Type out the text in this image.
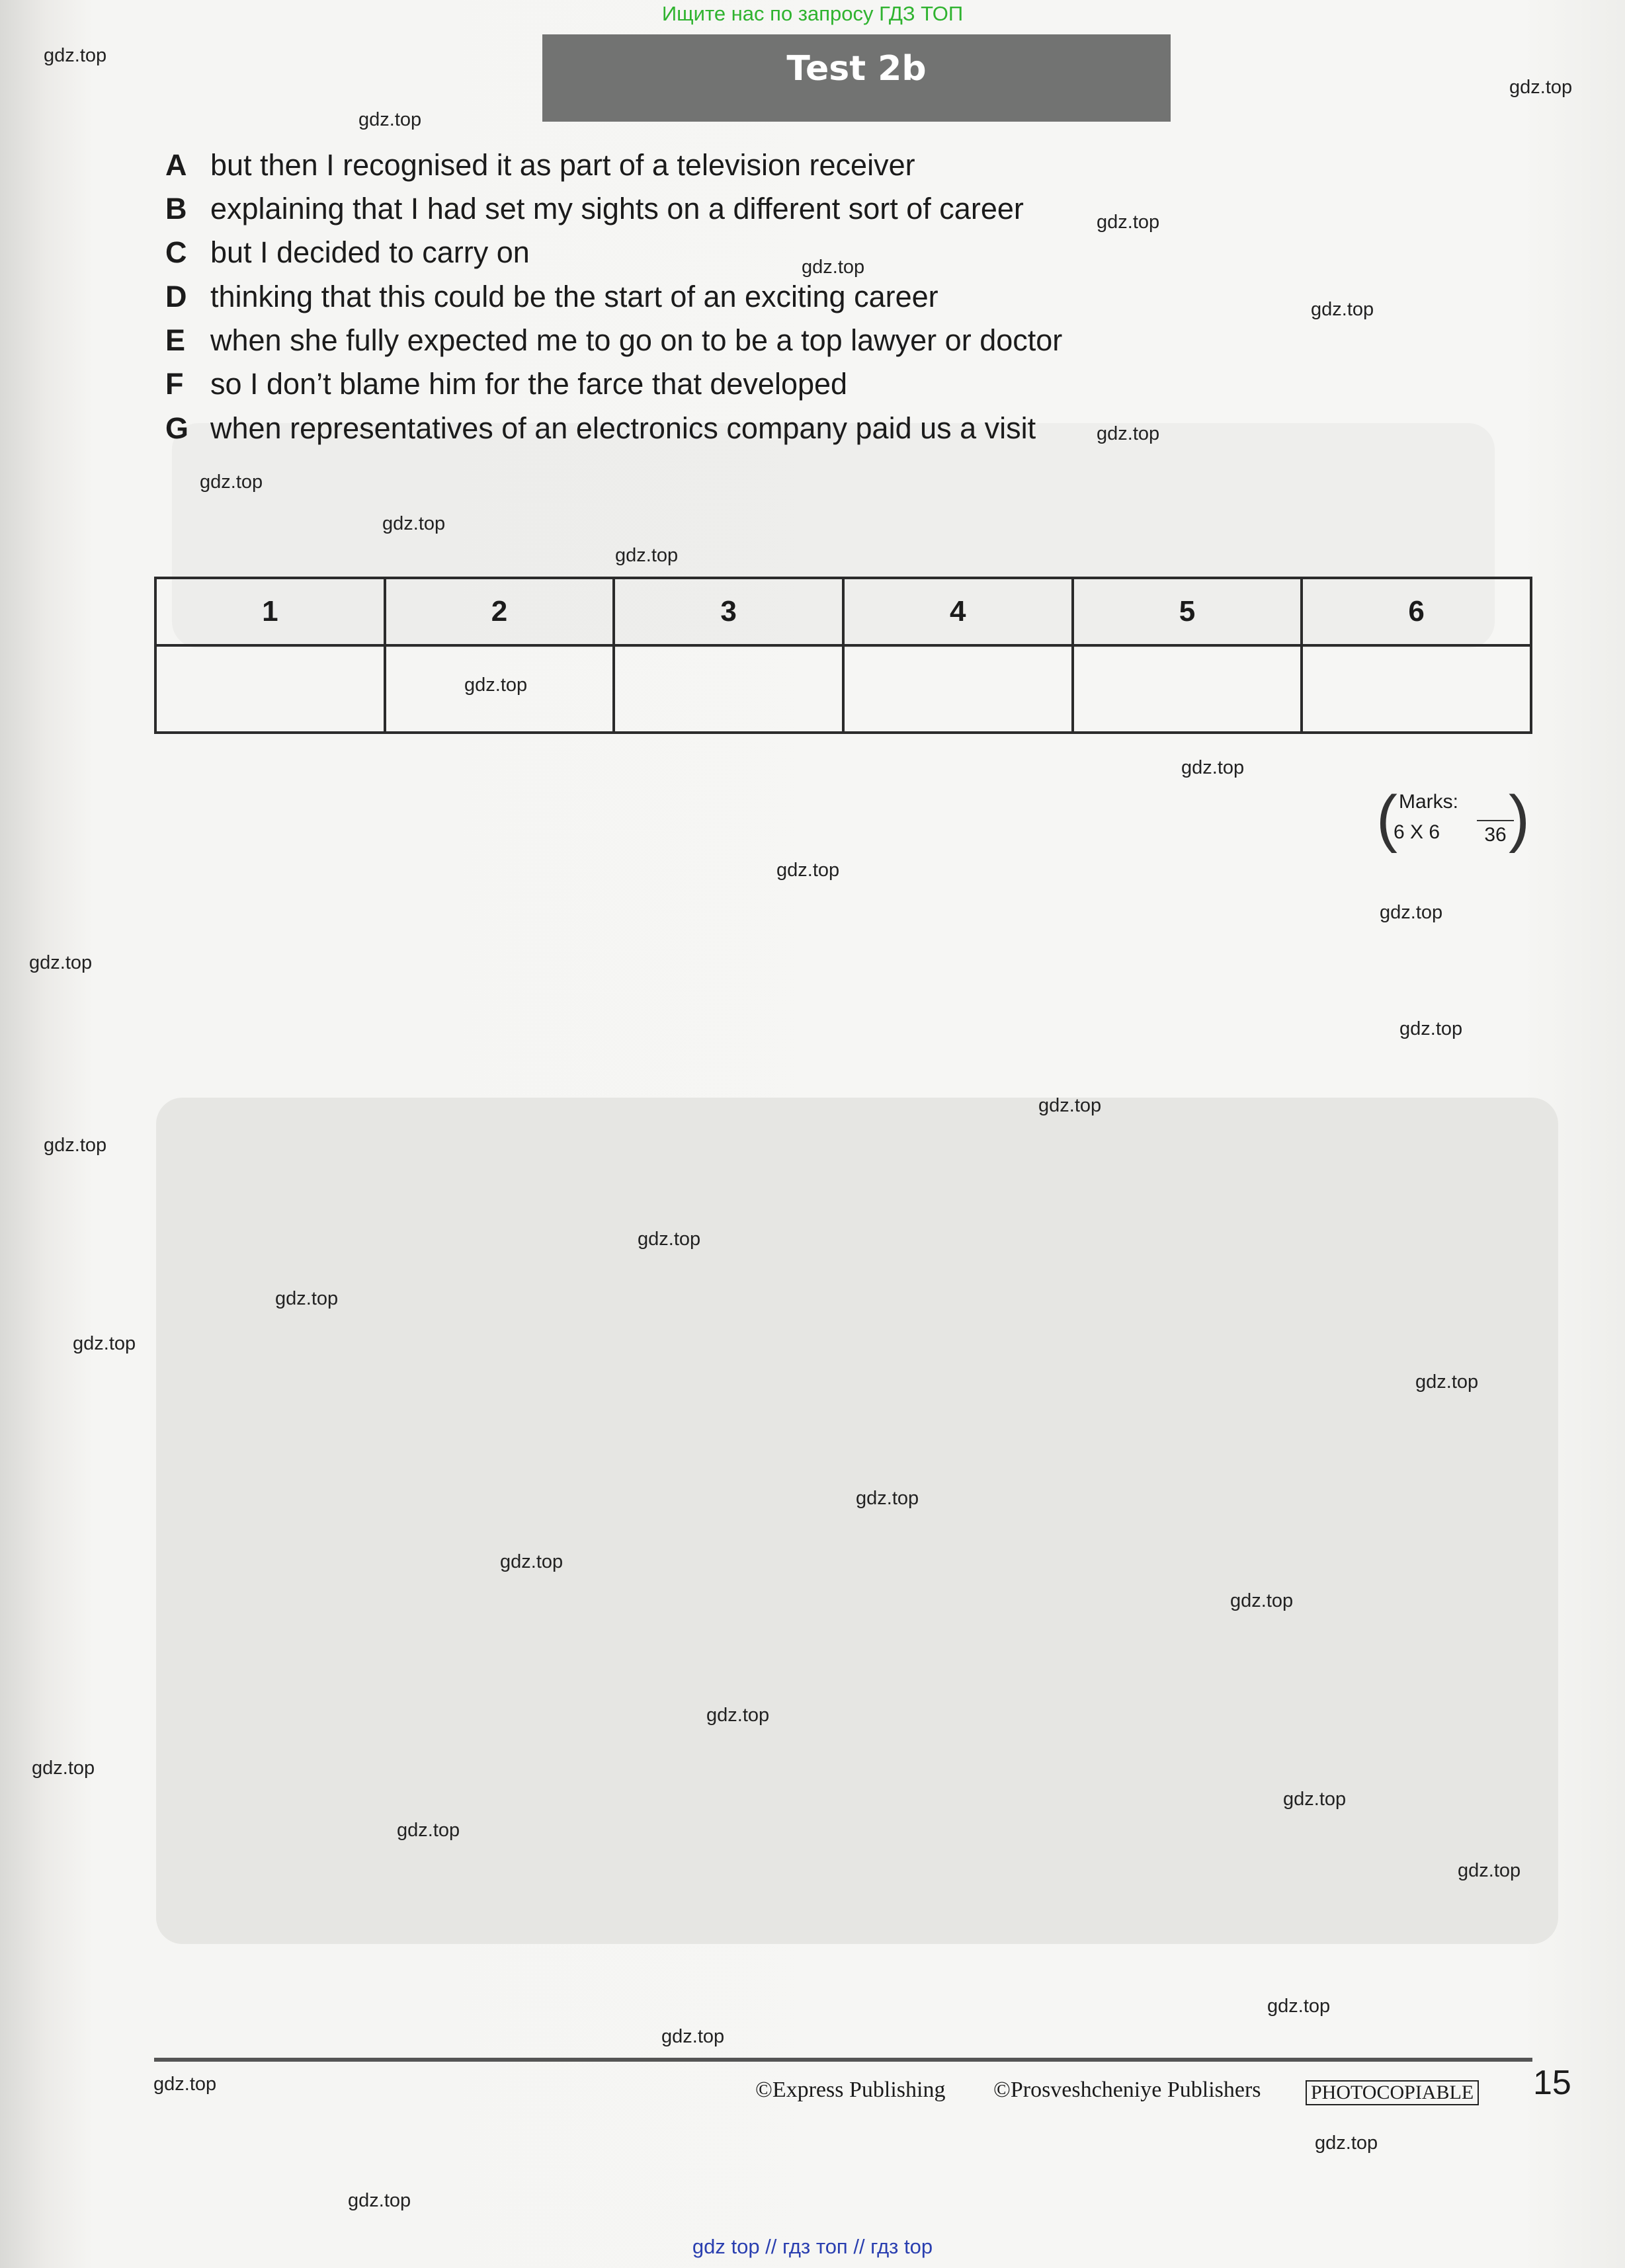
Ищите нас по запросу ГДЗ ТОП
Test 2b
A but then I recognised it as part of a television receiver
B explaining that I had set my sights on a different sort of career
C but I decided to carry on
D thinking that this could be the start of an exciting career
E when she fully expected me to go on to be a top lawyer or doctor
F so I don’t blame him for the farce that developed
G when representatives of an electronics company paid us a visit
1	2	3	4	5	6

( Marks:
6 X 6	36 )
gdz.top
gdz.top
gdz.top
gdz.top
gdz.top
gdz.top
gdz.top
gdz.top
gdz.top
gdz.top
gdz.top
gdz.top
gdz.top
gdz.top
gdz.top
gdz.top
gdz.top
gdz.top
gdz.top
gdz.top
gdz.top
gdz.top
gdz.top
gdz.top
gdz.top
gdz.top
gdz.top
gdz.top
gdz.top
gdz.top
gdz.top
gdz.top
gdz.top
gdz.top
gdz.top
©Express Publishing ©Prosveshcheniye Publishers	PHOTOCOPIABLE 15
gdz top // гдз топ // гдз top
